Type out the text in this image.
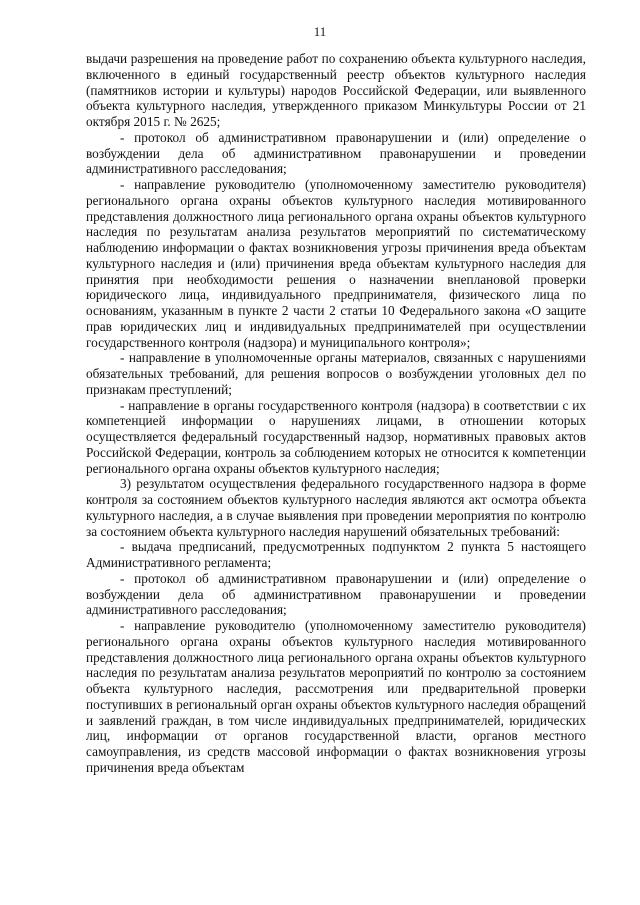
11

выдачи разрешения на проведение работ по сохранению объекта культурного наследия, включенного в единый государственный реестр объектов культурного наследия (памятников истории и культуры) народов Российской Федерации, или выявленного объекта культурного наследия, утвержденного приказом Минкультуры России от 21 октября 2015 г. № 2625;

- протокол об административном правонарушении и (или) определение о возбуждении дела об административном правонарушении и проведении административного расследования;

- направление руководителю (уполномоченному заместителю руководителя) регионального органа охраны объектов культурного наследия мотивированного представления должностного лица регионального органа охраны объектов культурного наследия по результатам анализа результатов мероприятий по систематическому наблюдению информации о фактах возникновения угрозы причинения вреда объектам культурного наследия и (или) причинения вреда объектам культурного наследия для принятия при необходимости решения о назначении внеплановой проверки юридического лица, индивидуального предпринимателя, физического лица по основаниям, указанным в пункте 2 части 2 статьи 10 Федерального закона «О защите прав юридических лиц и индивидуальных предпринимателей при осуществлении государственного контроля (надзора) и муниципального контроля»;

- направление в уполномоченные органы материалов, связанных с нарушениями обязательных требований, для решения вопросов о возбуждении уголовных дел по признакам преступлений;

- направление в органы государственного контроля (надзора) в соответствии с их компетенцией информации о нарушениях лицами, в отношении которых осуществляется федеральный государственный надзор, нормативных правовых актов Российской Федерации, контроль за соблюдением которых не относится к компетенции регионального органа охраны объектов культурного наследия;

3) результатом осуществления федерального государственного надзора в форме контроля за состоянием объектов культурного наследия являются акт осмотра объекта культурного наследия, а в случае выявления при проведении мероприятия по контролю за состоянием объекта культурного наследия нарушений обязательных требований:

- выдача предписаний, предусмотренных подпунктом 2 пункта 5 настоящего Административного регламента;

- протокол об административном правонарушении и (или) определение о возбуждении дела об административном правонарушении и проведении административного расследования;

- направление руководителю (уполномоченному заместителю руководителя) регионального органа охраны объектов культурного наследия мотивированного представления должностного лица регионального органа охраны объектов культурного наследия по результатам анализа результатов мероприятий по контролю за состоянием объекта культурного наследия, рассмотрения или предварительной проверки поступивших в региональный орган охраны объектов культурного наследия обращений и заявлений граждан, в том числе индивидуальных предпринимателей, юридических лиц, информации от органов государственной власти, органов местного самоуправления, из средств массовой информации о фактах возникновения угрозы причинения вреда объектам
